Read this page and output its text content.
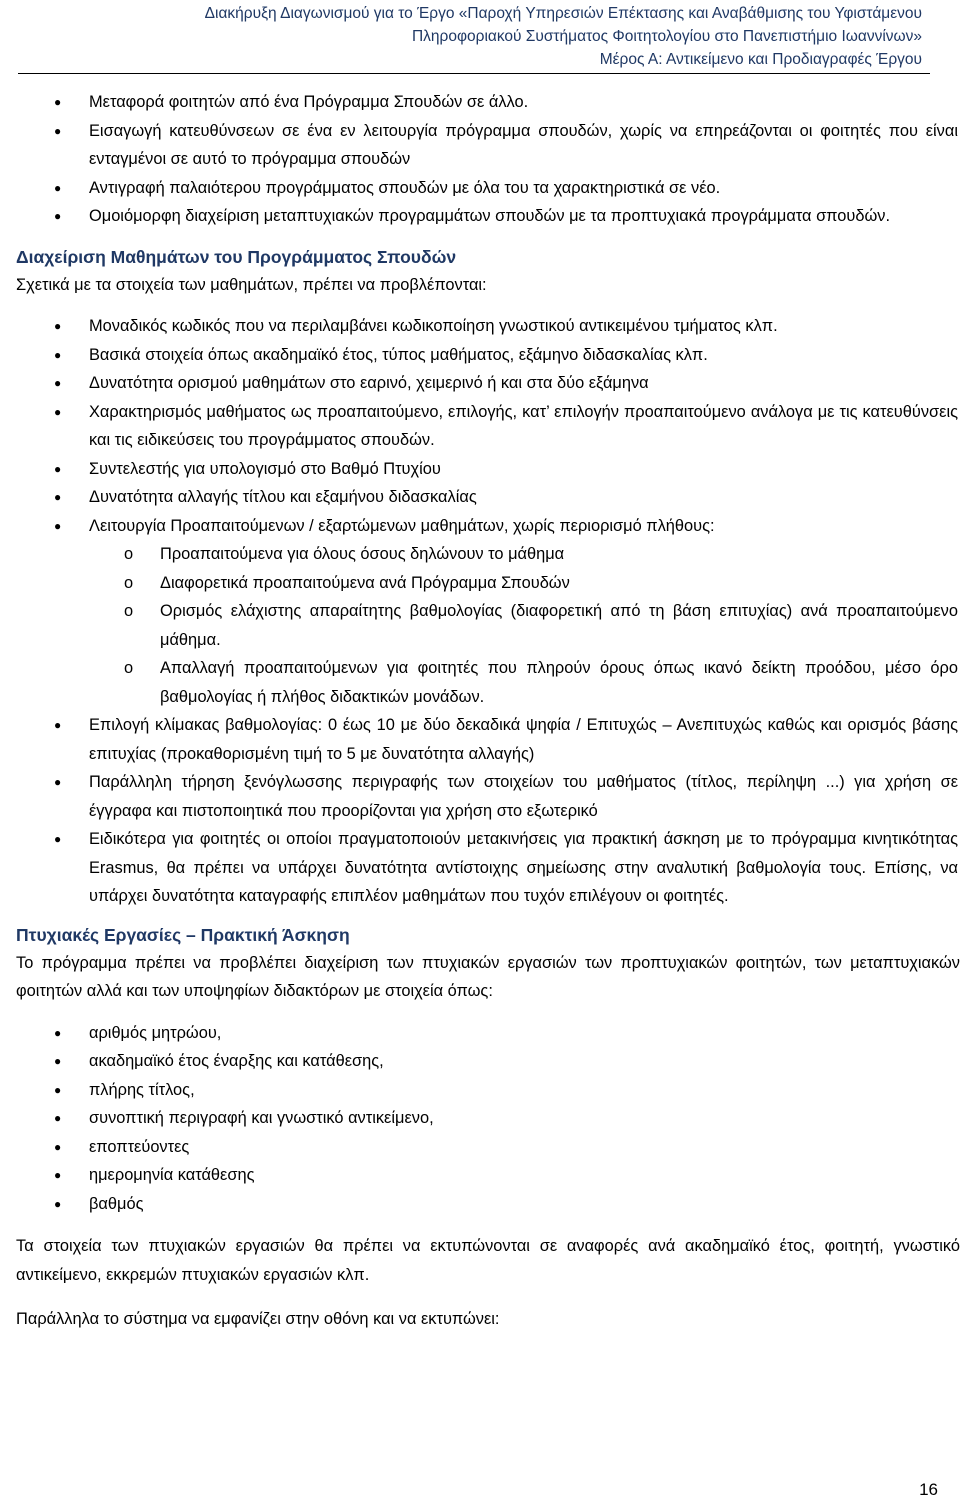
Διακήρυξη Διαγωνισμού για το Έργο «Παροχή Υπηρεσιών Επέκτασης και Αναβάθμισης του Υφιστάμενου
Πληροφοριακού Συστήματος Φοιτητολογίου στο Πανεπιστήμιο Ιωαννίνων»
Μέρος Α: Αντικείμενο και Προδιαγραφές Έργου
● Μεταφορά φοιτητών από ένα Πρόγραμμα Σπουδών σε άλλο.
● Εισαγωγή κατευθύνσεων σε ένα εν λειτουργία πρόγραμμα σπουδών, χωρίς να επηρεάζονται οι φοιτητές που είναι ενταγμένοι σε αυτό το πρόγραμμα σπουδών
● Αντιγραφή παλαιότερου προγράμματος σπουδών με όλα του τα χαρακτηριστικά σε νέο.
● Ομοιόμορφη διαχείριση μεταπτυχιακών προγραμμάτων σπουδών με τα προπτυχιακά προγράμματα σπουδών.
Διαχείριση Μαθημάτων του Προγράμματος Σπουδών

Σχετικά με τα στοιχεία των μαθημάτων, πρέπει να προβλέπονται:

● Μοναδικός κωδικός που να περιλαμβάνει κωδικοποίηση γνωστικού αντικειμένου τμήματος κλπ.
● Βασικά στοιχεία όπως ακαδημαϊκό έτος, τύπος μαθήματος, εξάμηνο διδασκαλίας κλπ.
● Δυνατότητα ορισμού μαθημάτων στο εαρινό, χειμερινό ή και στα δύο εξάμηνα
● Χαρακτηρισμός μαθήματος ως προαπαιτούμενο, επιλογής, κατ’ επιλογήν προαπαιτούμενο ανάλογα με τις κατευθύνσεις και τις ειδικεύσεις του προγράμματος σπουδών.
● Συντελεστής για υπολογισμό στο Βαθμό Πτυχίου
● Δυνατότητα αλλαγής τίτλου και εξαμήνου διδασκαλίας
● Λειτουργία Προαπαιτούμενων / εξαρτώμενων μαθημάτων, χωρίς περιορισμό πλήθους:
o Προαπαιτούμενα για όλους όσους δηλώνουν το μάθημα
o Διαφορετικά προαπαιτούμενα ανά Πρόγραμμα Σπουδών
o Ορισμός ελάχιστης απαραίτητης βαθμολογίας (διαφορετική από τη βάση επιτυχίας) ανά προαπαιτούμενο μάθημα.
o Απαλλαγή προαπαιτούμενων για φοιτητές που πληρούν όρους όπως ικανό δείκτη προόδου, μέσο όρο βαθμολογίας ή πλήθος διδακτικών μονάδων.
● Επιλογή κλίμακας βαθμολογίας: 0 έως 10 με δύο δεκαδικά ψηφία / Επιτυχώς – Ανεπιτυχώς καθώς και ορισμός βάσης επιτυχίας (προκαθορισμένη τιμή το 5 με δυνατότητα αλλαγής)
● Παράλληλη τήρηση ξενόγλωσσης περιγραφής των στοιχείων του μαθήματος (τίτλος, περίληψη ...) για χρήση σε έγγραφα και πιστοποιητικά που προορίζονται για χρήση στο εξωτερικό
● Ειδικότερα για φοιτητές οι οποίοι πραγματοποιούν μετακινήσεις για πρακτική άσκηση με το πρόγραμμα κινητικότητας Erasmus, θα πρέπει να υπάρχει δυνατότητα αντίστοιχης σημείωσης στην αναλυτική βαθμολογία τους. Επίσης, να υπάρχει δυνατότητα καταγραφής επιπλέον μαθημάτων που τυχόν επιλέγουν οι φοιτητές.
Πτυχιακές Εργασίες – Πρακτική Άσκηση

Το πρόγραμμα πρέπει να προβλέπει διαχείριση των πτυχιακών εργασιών των προπτυχιακών φοιτητών, των μεταπτυχιακών φοιτητών αλλά και των υποψηφίων διδακτόρων με στοιχεία όπως:

● αριθμός μητρώου,
● ακαδημαϊκό έτος έναρξης και κατάθεσης,
● πλήρης τίτλος,
● συνοπτική περιγραφή και γνωστικό αντικείμενο,
● εποπτεύοντες
● ημερομηνία κατάθεσης
● βαθμός

Τα στοιχεία των πτυχιακών εργασιών θα πρέπει να εκτυπώνονται σε αναφορές ανά ακαδημαϊκό έτος, φοιτητή, γνωστικό αντικείμενο, εκκρεμών πτυχιακών εργασιών κλπ.

Παράλληλα το σύστημα να εμφανίζει στην οθόνη και να εκτυπώνει:

16
